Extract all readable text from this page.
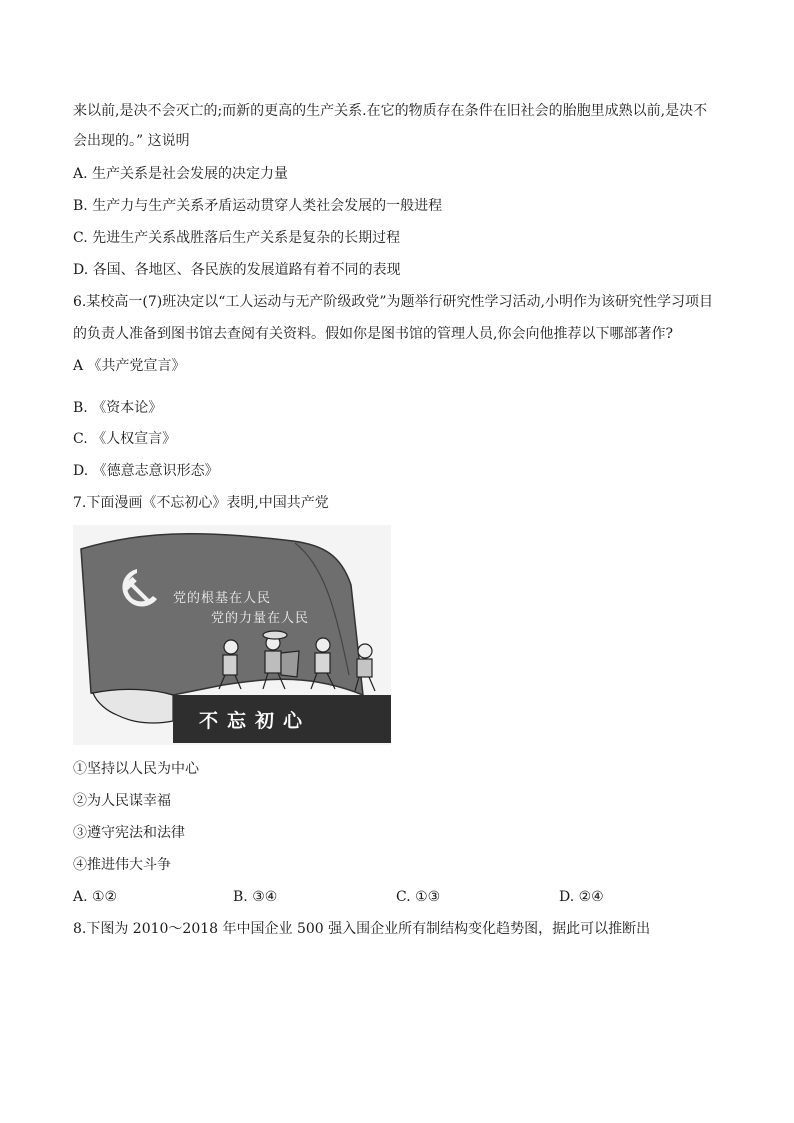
来以前,是决不会灭亡的;而新的更高的生产关系.在它的物质存在条件在旧社会的胎胞里成熟以前,是决不
会出现的。” 这说明
A. 生产关系是社会发展的决定力量
B. 生产力与生产关系矛盾运动贯穿人类社会发展的一般进程
C. 先进生产关系战胜落后生产关系是复杂的长期过程
D. 各国、各地区、各民族的发展道路有着不同的表现
6.某校高一(7)班决定以“工人运动与无产阶级政党”为题举行研究性学习活动,小明作为该研究性学习项目
的负责人准备到图书馆去查阅有关资料。假如你是图书馆的管理人员,你会向他推荐以下哪部著作?
A 《共产党宣言》
B. 《资本论》
C. 《人权宣言》
D. 《德意志意识形态》
7.下面漫画《不忘初心》表明,中国共产党
党的根基在人民
党的力量在人民
不忘初心
①坚持以人民为中心
②为人民谋幸福
③遵守宪法和法律
④推进伟大斗争
A. ①②	B. ③④	C. ①③	D. ②④
8.下图为 2010～2018 年中国企业 500 强入围企业所有制结构变化趋势图，据此可以推断出
